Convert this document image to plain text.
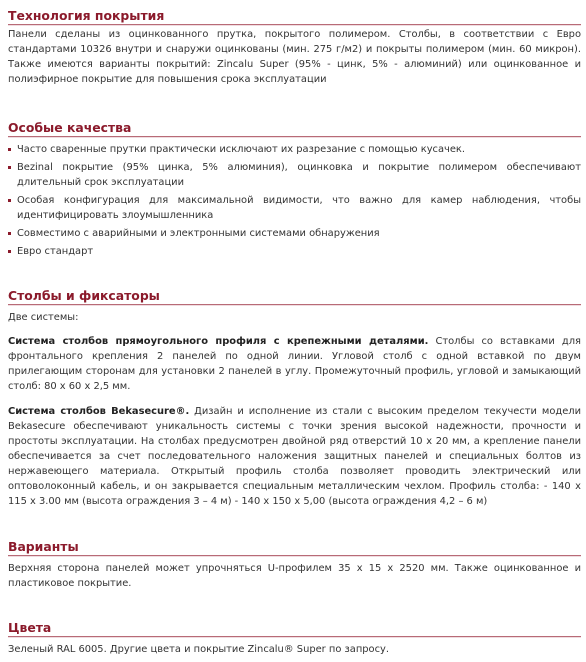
Технология покрытия

Панели сделаны из оцинкованного прутка, покрытого полимером. Столбы, в соответствии с Евро стандартами 10326 внутри и снаружи оцинкованы (мин. 275 г/м2) и покрыты полимером (мин. 60 микрон). Также имеются варианты покрытий: Zincalu Super (95% - цинк, 5% - алюминий) или оцинкованное и полиэфирное покрытие для повышения срока эксплуатации

Особые качества
Часто сваренные прутки практически исключают их разрезание с помощью кусачек.
Bezinal покрытие (95% цинка, 5% алюминия), оцинковка и покрытие полимером обеспечивают длительный срок эксплуатации
Особая конфигурация для максимальной видимости, что важно для камер наблюдения, чтобы идентифицировать злоумышленника
Совместимо с аварийными и электронными системами обнаружения
Евро стандарт
Столбы и фиксаторы

Две системы:

Система столбов прямоугольного профиля с крепежными деталями. Столбы со вставками для фронтального крепления 2 панелей по одной линии. Угловой столб с одной вставкой по двум прилегающим сторонам для установки 2 панелей в углу. Промежуточный профиль, угловой и замыкающий столб: 80 х 60 х 2,5 мм.

Система столбов Bekasecure®. Дизайн и исполнение из стали с высоким пределом текучести модели Bekasecure обеспечивают уникальность системы с точки зрения высокой надежности, прочности и простоты эксплуатации. На столбах предусмотрен двойной ряд отверстий 10 х 20 мм, а крепление панели обеспечивается за счет последовательного наложения защитных панелей и специальных болтов из нержавеющего материала. Открытый профиль столба позволяет проводить электрический или оптоволоконный кабель, и он закрывается специальным металлическим чехлом. Профиль столба: - 140 х 115 х 3.00 мм (высота ограждения 3 – 4 м) - 140 х 150 х 5,00 (высота ограждения 4,2 – 6 м)

Варианты

Верхняя сторона панелей может упрочняться U-профилем 35 х 15 х 2520 мм. Также оцинкованное и пластиковое покрытие.

Цвета

Зеленый RAL 6005. Другие цвета и покрытие Zincalu® Super по запросу.
